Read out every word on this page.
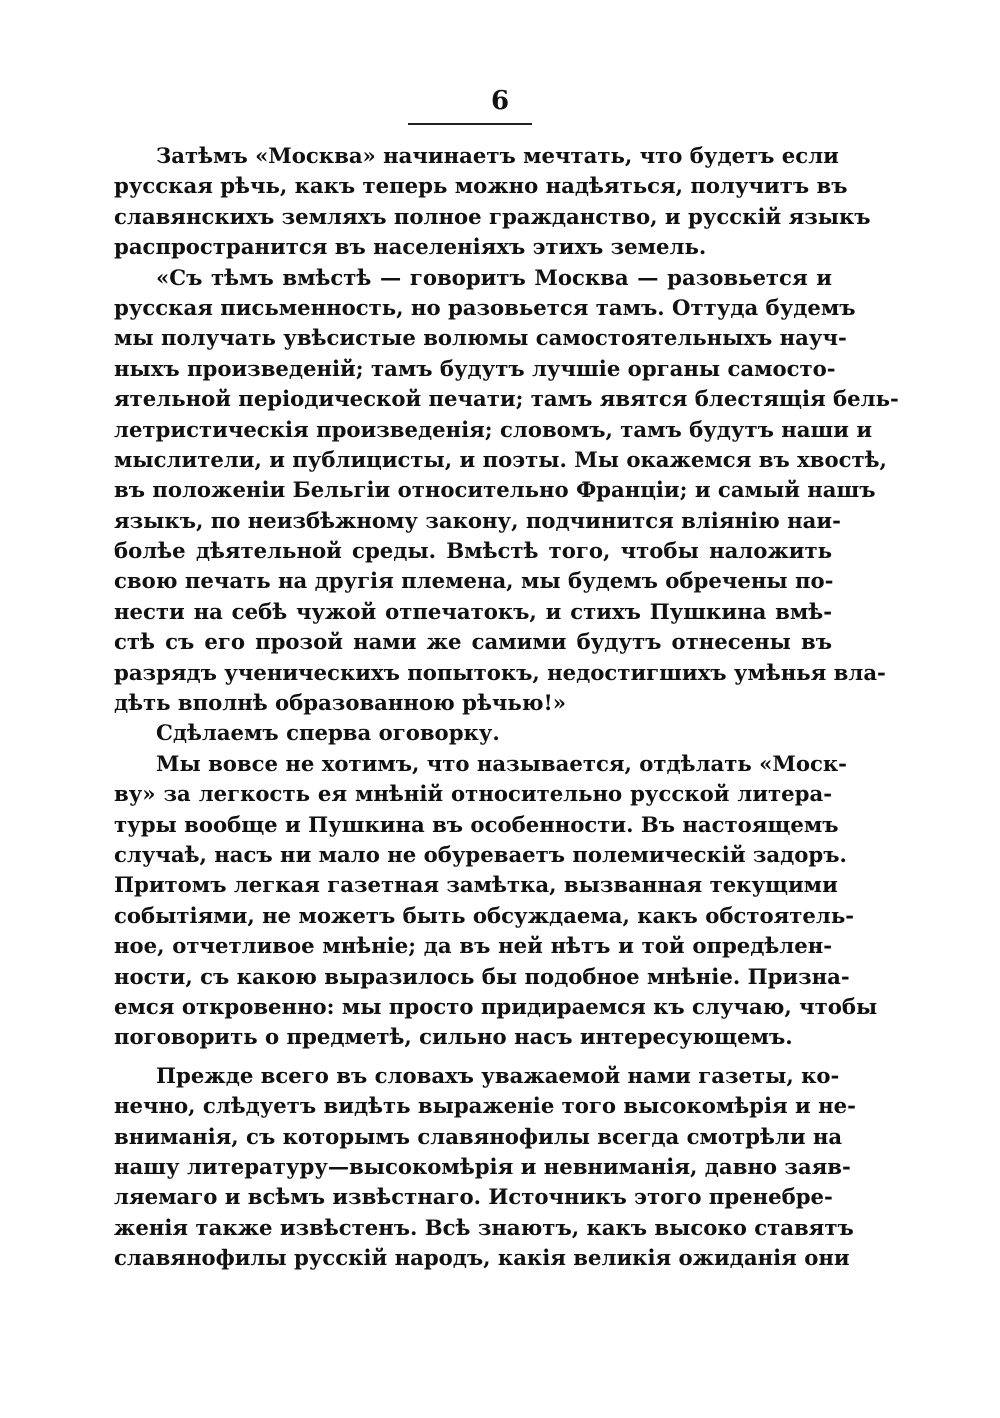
6
Затѣмъ «Москва» начинаетъ мечтать, что будетъ если
русская рѣчь, какъ теперь можно надѣяться, получитъ въ
славянскихъ земляхъ полное гражданство, и русскій языкъ
распространится въ населеніяхъ этихъ земель.
«Съ тѣмъ вмѣстѣ — говоритъ Москва — разовьется и
русская письменность, но разовьется тамъ. Оттуда будемъ
мы получать увѣсистые волюмы самостоятельныхъ науч-
ныхъ произведеній; тамъ будутъ лучшіе органы самосто-
ятельной періодической печати; тамъ явятся блестящія бель-
летристическія произведенія; словомъ, тамъ будутъ наши и
мыслители, и публицисты, и поэты. Мы окажемся въ хвостѣ,
въ положеніи Бельгіи относительно Франціи; и самый нашъ
языкъ, по неизбѣжному закону, подчинится вліянію наи-
болѣе дѣятельной среды. Вмѣстѣ того, чтобы наложить
свою печать на другія племена, мы будемъ обречены по-
нести на себѣ чужой отпечатокъ, и стихъ Пушкина вмѣ-
стѣ съ его прозой нами же самими будутъ отнесены въ
разрядъ ученическихъ попытокъ, недостигшихъ умѣнья вла-
дѣть вполнѣ образованною рѣчью!»
Сдѣлаемъ сперва оговорку.
Мы вовсе не хотимъ, что называется, отдѣлать «Моск-
ву» за легкость ея мнѣній относительно русской литера-
туры вообще и Пушкина въ особенности. Въ настоящемъ
случаѣ, насъ ни мало не обуреваетъ полемическій задоръ.
Притомъ легкая газетная замѣтка, вызванная текущими
событіями, не можетъ быть обсуждаема, какъ обстоятель-
ное, отчетливое мнѣніе; да въ ней нѣтъ и той опредѣлен-
ности, съ какою выразилось бы подобное мнѣніе. Призна-
емся откровенно: мы просто придираемся къ случаю, чтобы
поговорить о предметѣ, сильно насъ интересующемъ.
Прежде всего въ словахъ уважаемой нами газеты, ко-
нечно, слѣдуетъ видѣть выраженіе того высокомѣрія и не-
вниманія, съ которымъ славянофилы всегда смотрѣли на
нашу литературу—высокомѣрія и невниманія, давно заяв-
ляемаго и всѣмъ извѣстнаго. Источникъ этого пренебре-
женія также извѣстенъ. Всѣ знаютъ, какъ высоко ставятъ
славянофилы русскій народъ, какія великія ожиданія они
